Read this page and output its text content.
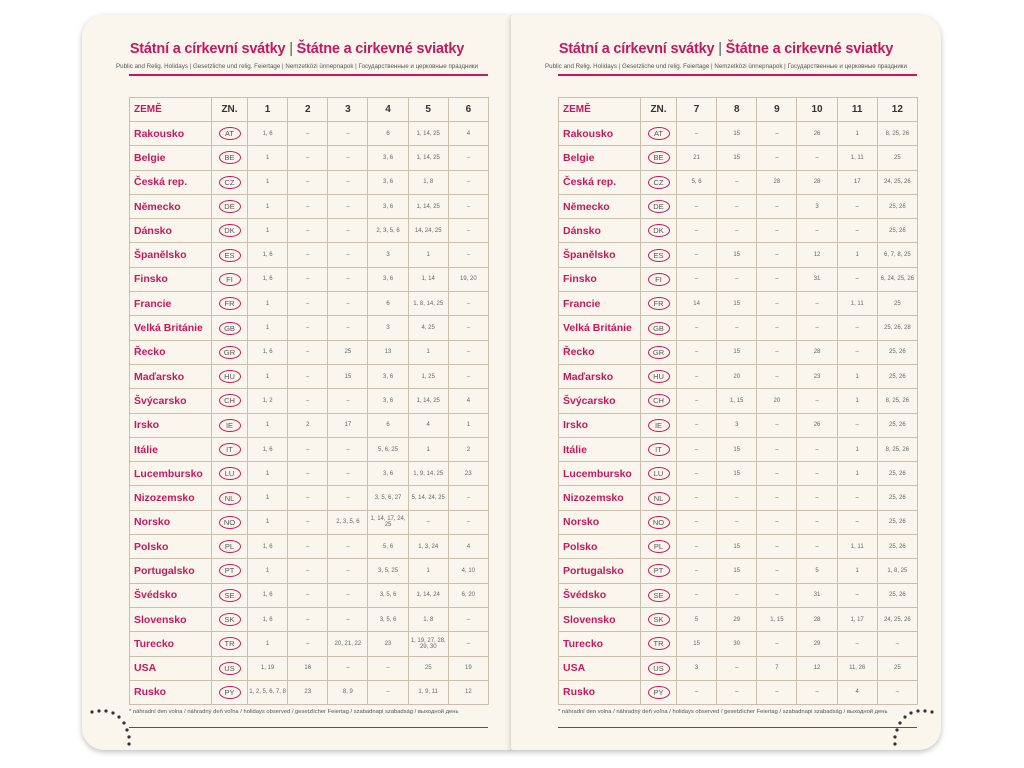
Státní a církevní svátky | Štátne a cirkevné sviatky
Public and Relig. Holidays | Gesetzliche und relig. Feiertage | Nemzetközi ünnepnapok | Государственные и церковные праздники
ZEMĚ	ZN.	1	2	3	4	5	6
Rakousko	AT	1, 6	–	–	6	1, 14, 25	4
Belgie	BE	1	–	–	3, 6	1, 14, 25	–
Česká rep.	CZ	1	–	–	3, 6	1, 8	–
Německo	DE	1	–	–	3, 6	1, 14, 25	–
Dánsko	DK	1	–	–	2, 3, 5, 6	14, 24, 25	–
Španělsko	ES	1, 6	–	–	3	1	–
Finsko	FI	1, 6	–	–	3, 6	1, 14	19, 20
Francie	FR	1	–	–	6	1, 8, 14, 25	–
Velká Británie	GB	1	–	–	3	4, 25	–
Řecko	GR	1, 6	–	25	13	1	–
Maďarsko	HU	1	–	15	3, 6	1, 25	–
Švýcarsko	CH	1, 2	–	–	3, 6	1, 14, 25	4
Irsko	IE	1	2	17	6	4	1
Itálie	IT	1, 6	–	–	5, 6, 25	1	2
Lucembursko	LU	1	–	–	3, 6	1, 9, 14, 25	23
Nizozemsko	NL	1	–	–	3, 5, 6, 27	5, 14, 24, 25	–
Norsko	NO	1	–	2, 3, 5, 6	1, 14, 17, 24, 25	–	–
Polsko	PL	1, 6	–	–	5, 6	1, 3, 24	4
Portugalsko	PT	1	–	–	3, 5, 25	1	4, 10
Švédsko	SE	1, 6	–	–	3, 5, 6	1, 14, 24	6, 20
Slovensko	SK	1, 6	–	–	3, 5, 6	1, 8	–
Turecko	TR	1	–	20, 21, 22	23	1, 19, 27, 28, 29, 30	–
USA	US	1, 19	16	–	–	25	19
Rusko	PY	1, 2, 5, 6, 7, 8	23	8, 9	–	1, 9, 11	12
* náhradní den volna / náhradný deň voľna / holidays observed / gesetzlicher Feiertag / szabadnapi szabadság / выходной день
Státní a církevní svátky | Štátne a cirkevné sviatky
Public and Relig. Holidays | Gesetzliche und relig. Feiertage | Nemzetközi ünnepnapok | Государственные и церковные праздники
ZEMĚ	ZN.	7	8	9	10	11	12
Rakousko	AT	–	15	–	26	1	8, 25, 26
Belgie	BE	21	15	–	–	1, 11	25
Česká rep.	CZ	5, 6	–	28	28	17	24, 25, 26
Německo	DE	–	–	–	3	–	25, 26
Dánsko	DK	–	–	–	–	–	25, 26
Španělsko	ES	–	15	–	12	1	6, 7, 8, 25
Finsko	FI	–	–	–	31	–	6, 24, 25, 26
Francie	FR	14	15	–	–	1, 11	25
Velká Británie	GB	–	–	–	–	–	25, 26, 28
Řecko	GR	–	15	–	28	–	25, 26
Maďarsko	HU	–	20	–	23	1	25, 26
Švýcarsko	CH	–	1, 15	20	–	1	8, 25, 26
Irsko	IE	–	3	–	26	–	25, 26
Itálie	IT	–	15	–	–	1	8, 25, 26
Lucembursko	LU	–	15	–	–	1	25, 26
Nizozemsko	NL	–	–	–	–	–	25, 26
Norsko	NO	–	–	–	–	–	25, 26
Polsko	PL	–	15	–	–	1, 11	25, 26
Portugalsko	PT	–	15	–	5	1	1, 8, 25
Švédsko	SE	–	–	–	31	–	25, 26
Slovensko	SK	5	29	1, 15	28	1, 17	24, 25, 26
Turecko	TR	15	30	–	29	–	–
USA	US	3	–	7	12	11, 26	25
Rusko	PY	–	–	–	–	4	–
* náhradní den volna / náhradný deň voľna / holidays observed / gesetzlicher Feiertag / szabadnapi szabadság / выходной день
